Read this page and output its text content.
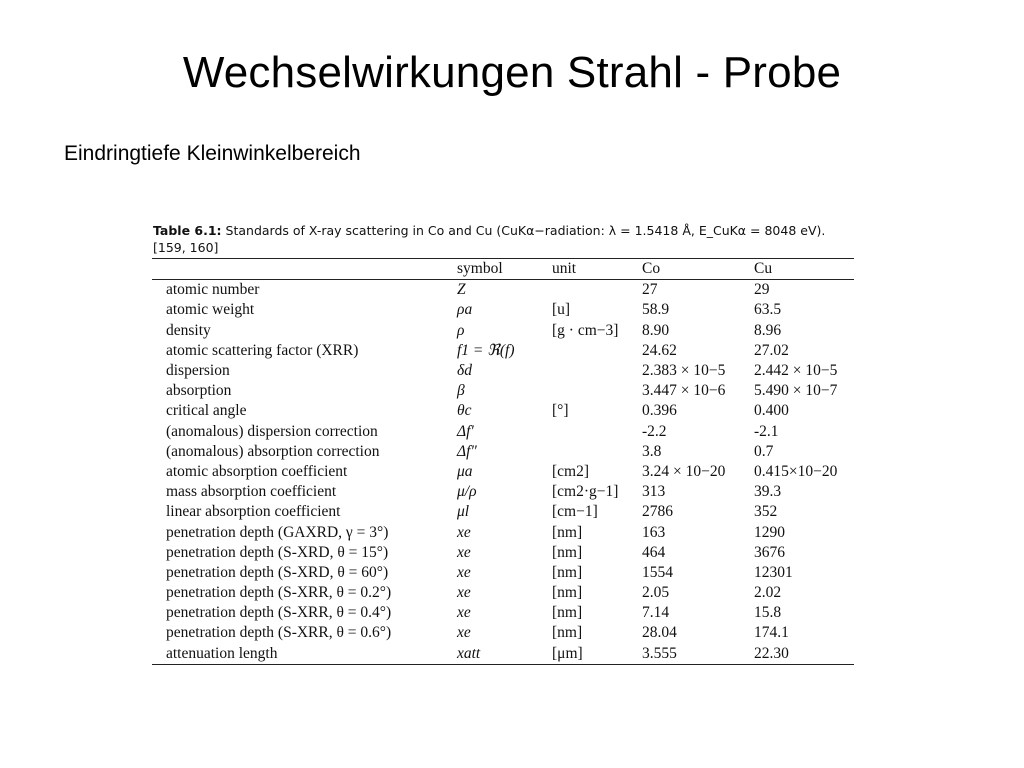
Wechselwirkungen Strahl - Probe
Eindringtiefe Kleinwinkelbereich
Table 6.1: Standards of X-ray scattering in Co and Cu (CuKα−radiation: λ = 1.5418 Å, E_CuKα = 8048 eV).
[159, 160]
	symbol	unit	Co	Cu
atomic number	Z		27	29
atomic weight	ρa	[u]	58.9	63.5
density	ρ	[g · cm−3]	8.90	8.96
atomic scattering factor (XRR)	f1 = ℜ(f)		24.62	27.02
dispersion	δd		2.383 × 10−5	2.442 × 10−5
absorption	β		3.447 × 10−6	5.490 × 10−7
critical angle	θc	[°]	0.396	0.400
(anomalous) dispersion correction	Δf′		-2.2	-2.1
(anomalous) absorption correction	Δf″		3.8	0.7
atomic absorption coefficient	μa	[cm2]	3.24 × 10−20	0.415×10−20
mass absorption coefficient	μ/ρ	[cm2·g−1]	313	39.3
linear absorption coefficient	μl	[cm−1]	2786	352
penetration depth (GAXRD, γ = 3°)	xe	[nm]	163	1290
penetration depth (S-XRD, θ = 15°)	xe	[nm]	464	3676
penetration depth (S-XRD, θ = 60°)	xe	[nm]	1554	12301
penetration depth (S-XRR, θ = 0.2°)	xe	[nm]	2.05	2.02
penetration depth (S-XRR, θ = 0.4°)	xe	[nm]	7.14	15.8
penetration depth (S-XRR, θ = 0.6°)	xe	[nm]	28.04	174.1
attenuation length	xatt	[μm]	3.555	22.30
